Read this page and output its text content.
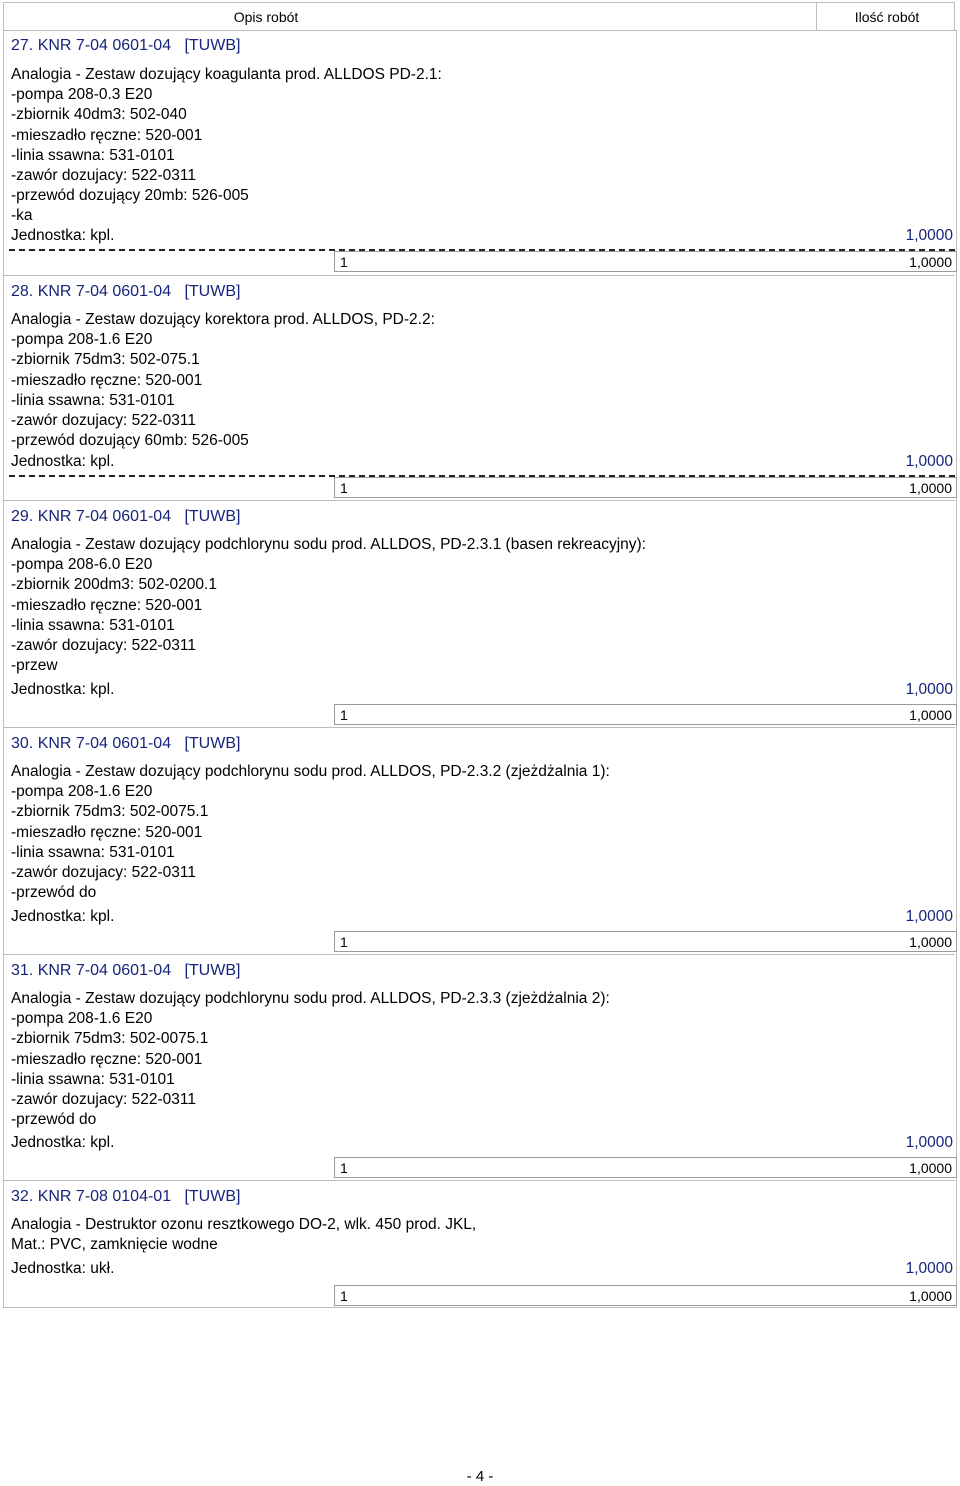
Opis robót	Ilość robót
27. KNR 7-04 0601-04   [TUWB]
Analogia - Zestaw dozujący koagulanta prod. ALLDOS PD-2.1:
-pompa 208-0.3 E20
-zbiornik 40dm3: 502-040
-mieszadło ręczne: 520-001
-linia ssawna: 531-0101
-zawór dozujacy: 522-0311
-przewód dozujący 20mb: 526-005
-ka
Jednostka: kpl.	1,0000
1	1,0000
28. KNR 7-04 0601-04   [TUWB]
Analogia - Zestaw dozujący korektora prod. ALLDOS, PD-2.2:
-pompa 208-1.6 E20
-zbiornik 75dm3: 502-075.1
-mieszadło ręczne: 520-001
-linia ssawna: 531-0101
-zawór dozujacy: 522-0311
-przewód dozujący 60mb: 526-005
Jednostka: kpl.	1,0000
1	1,0000
29. KNR 7-04 0601-04   [TUWB]
Analogia - Zestaw dozujący podchlorynu sodu prod. ALLDOS, PD-2.3.1 (basen rekreacyjny):
-pompa 208-6.0 E20
-zbiornik 200dm3: 502-0200.1
-mieszadło ręczne: 520-001
-linia ssawna: 531-0101
-zawór dozujacy: 522-0311
-przew
Jednostka: kpl.	1,0000
1	1,0000
30. KNR 7-04 0601-04   [TUWB]
Analogia - Zestaw dozujący podchlorynu sodu prod. ALLDOS, PD-2.3.2 (zjeżdżalnia 1):
-pompa 208-1.6 E20
-zbiornik 75dm3: 502-0075.1
-mieszadło ręczne: 520-001
-linia ssawna: 531-0101
-zawór dozujacy: 522-0311
-przewód do
Jednostka: kpl.	1,0000
1	1,0000
31. KNR 7-04 0601-04   [TUWB]
Analogia - Zestaw dozujący podchlorynu sodu prod. ALLDOS, PD-2.3.3 (zjeżdżalnia 2):
-pompa 208-1.6 E20
-zbiornik 75dm3: 502-0075.1
-mieszadło ręczne: 520-001
-linia ssawna: 531-0101
-zawór dozujacy: 522-0311
-przewód do
Jednostka: kpl.	1,0000
1	1,0000
32. KNR 7-08 0104-01   [TUWB]
Analogia - Destruktor ozonu resztkowego DO-2, wlk. 450 prod. JKL,
Mat.: PVC, zamknięcie wodne
Jednostka: ukł.	1,0000
1	1,0000
- 4 -
